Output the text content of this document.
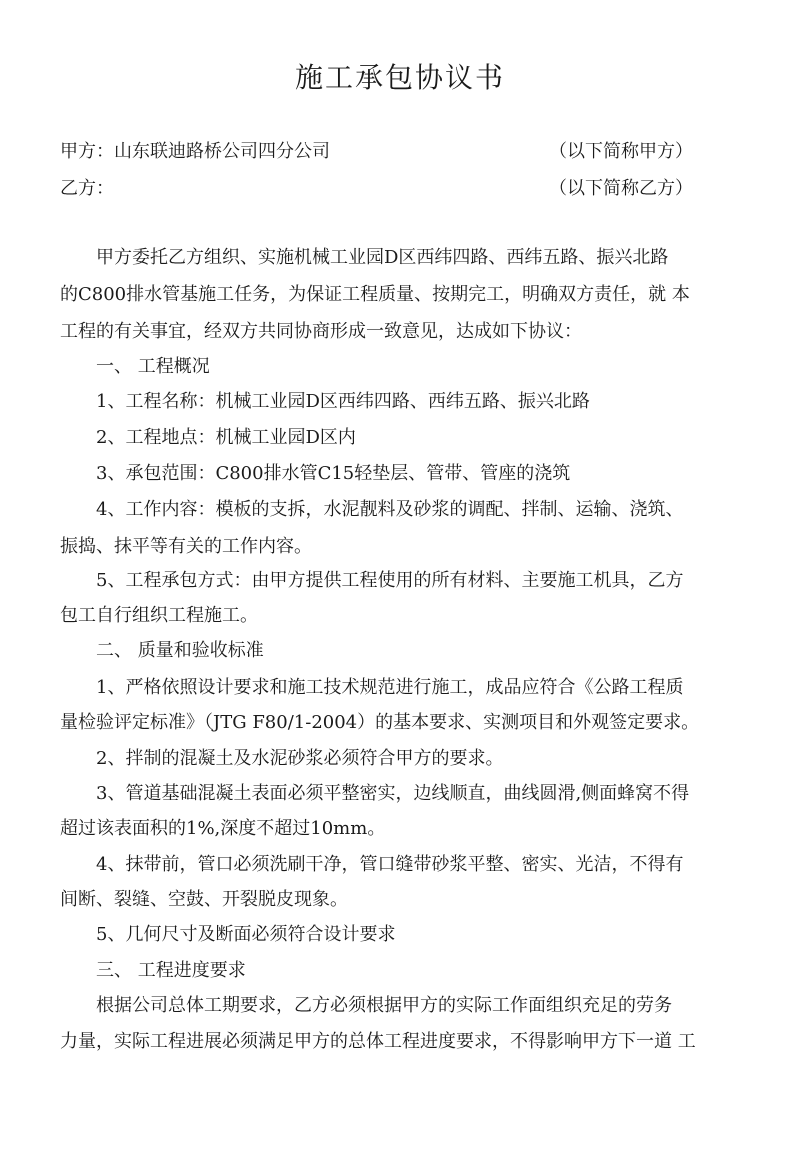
施工承包协议书
甲方：山东联迪路桥公司四分公司	（以下简称甲方）
乙方：	（以下简称乙方）
甲方委托乙方组织、实施机械工业园D区西纬四路、西纬五路、振兴北路
的C800排水管基施工任务，为保证工程质量、按期完工，明确双方责任，就 本
工程的有关事宜，经双方共同协商形成一致意见，达成如下协议：
一、 工程概况
1、工程名称：机械工业园D区西纬四路、西纬五路、振兴北路
2、工程地点：机械工业园D区内
3、承包范围：C800排水管C15轻垫层、管带、管座的浇筑
4、工作内容：模板的支拆，水泥靓料及砂浆的调配、拌制、运输、浇筑、
振捣、抹平等有关的工作内容。
5、工程承包方式：由甲方提供工程使用的所有材料、主要施工机具，乙方
包工自行组织工程施工。
二、 质量和验收标准
1、严格依照设计要求和施工技术规范进行施工，成品应符合《公路工程质
量检验评定标准》（JTG F80/1-2004）的基本要求、实测项目和外观签定要求。
2、拌制的混凝土及水泥砂浆必须符合甲方的要求。
3、管道基础混凝土表面必须平整密实，边线顺直，曲线圆滑,侧面蜂窝不得
超过该表面积的1%,深度不超过10mm。
4、抹带前，管口必须洗刷干净，管口缝带砂浆平整、密实、光洁，不得有
间断、裂缝、空鼓、开裂脱皮现象。
5、几何尺寸及断面必须符合设计要求
三、 工程进度要求
根据公司总体工期要求，乙方必须根据甲方的实际工作面组织充足的劳务
力量，实际工程进展必须满足甲方的总体工程进度要求，不得影响甲方下一道 工
